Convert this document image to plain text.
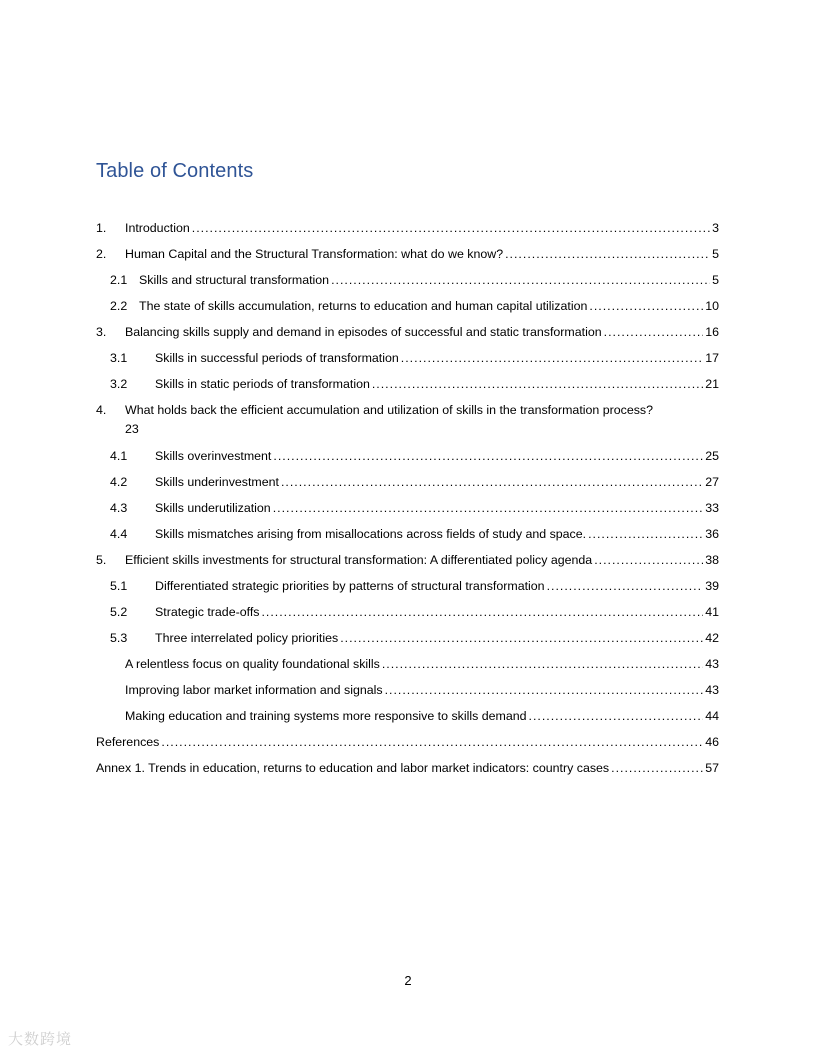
Table of Contents
1.	Introduction .....	3
2.	Human Capital and the Structural Transformation: what do we know? .....	5
2.1 Skills and structural transformation .....	5
2.2 The state of skills accumulation, returns to education and human capital utilization .....	10
3.	Balancing skills supply and demand in episodes of successful and static transformation .....	16
3.1	Skills in successful periods of transformation .....	17
3.2	Skills in static periods of transformation .....	21
4. What holds back the efficient accumulation and utilization of skills in the transformation process?
23
4.1	Skills overinvestment .....	25
4.2	Skills underinvestment .....	27
4.3	Skills underutilization .....	33
4.4	Skills mismatches arising from misallocations across fields of study and space. .....	36
5.	Efficient skills investments for structural transformation: A differentiated policy agenda .....	38
5.1	Differentiated strategic priorities by patterns of structural transformation .....	39
5.2	Strategic trade-offs .....	41
5.3	Three interrelated policy priorities .....	42
A relentless focus on quality foundational skills .....	43
Improving labor market information and signals .....	43
Making education and training systems more responsive to skills demand .....	44
References .....	46
Annex 1. Trends in education, returns to education and labor market indicators: country cases .....	57
2
大数跨境
